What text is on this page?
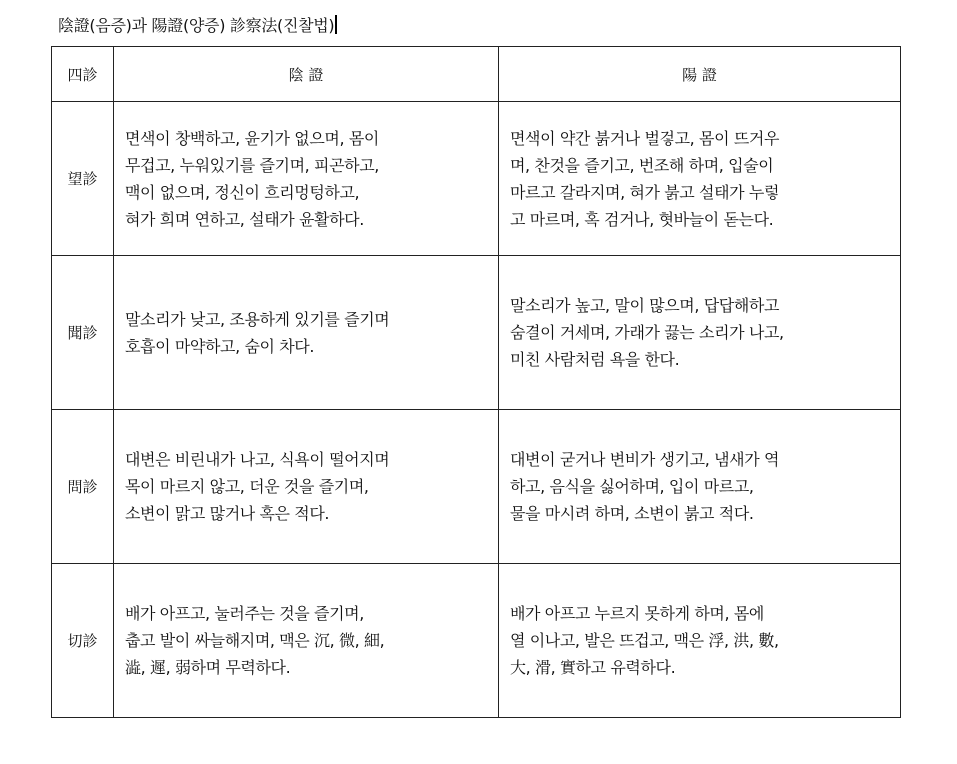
陰證(음증)과 陽證(양증) 診察法(진찰법)
四診	陰 證	陽 證
望診	면색이 창백하고, 윤기가 없으며, 몸이
무겁고, 누워있기를 즐기며, 피곤하고,
맥이 없으며, 정신이 흐리멍텅하고,
혀가 희며 연하고, 설태가 윤활하다.	면색이 약간 붉거나 벌겋고, 몸이 뜨거우
며, 찬것을 즐기고, 번조해 하며, 입술이
마르고 갈라지며, 혀가 붉고 설태가 누렇
고 마르며, 혹 검거나, 혓바늘이 돋는다.

聞診	말소리가 낮고, 조용하게 있기를 즐기며
호흡이 마약하고, 숨이 차다.	말소리가 높고, 말이 많으며, 답답해하고
숨결이 거세며, 가래가 끓는 소리가 나고,
미친 사람처럼 욕을 한다.

問診	대변은 비린내가 나고, 식욕이 떨어지며
목이 마르지 않고, 더운 것을 즐기며,
소변이 맑고 많거나 혹은 적다.	대변이 굳거나 변비가 생기고, 냄새가 역
하고, 음식을 싫어하며, 입이 마르고,
물을 마시려 하며, 소변이 붉고 적다.

切診	배가 아프고, 눌러주는 것을 즐기며,
춥고 발이 싸늘해지며, 맥은 沉, 微, 細,
澁, 遲, 弱하며 무력하다.	배가 아프고 누르지 못하게 하며, 몸에
열 이나고, 발은 뜨겁고, 맥은 浮, 洪, 數,
大, 滑, 實하고 유력하다.
